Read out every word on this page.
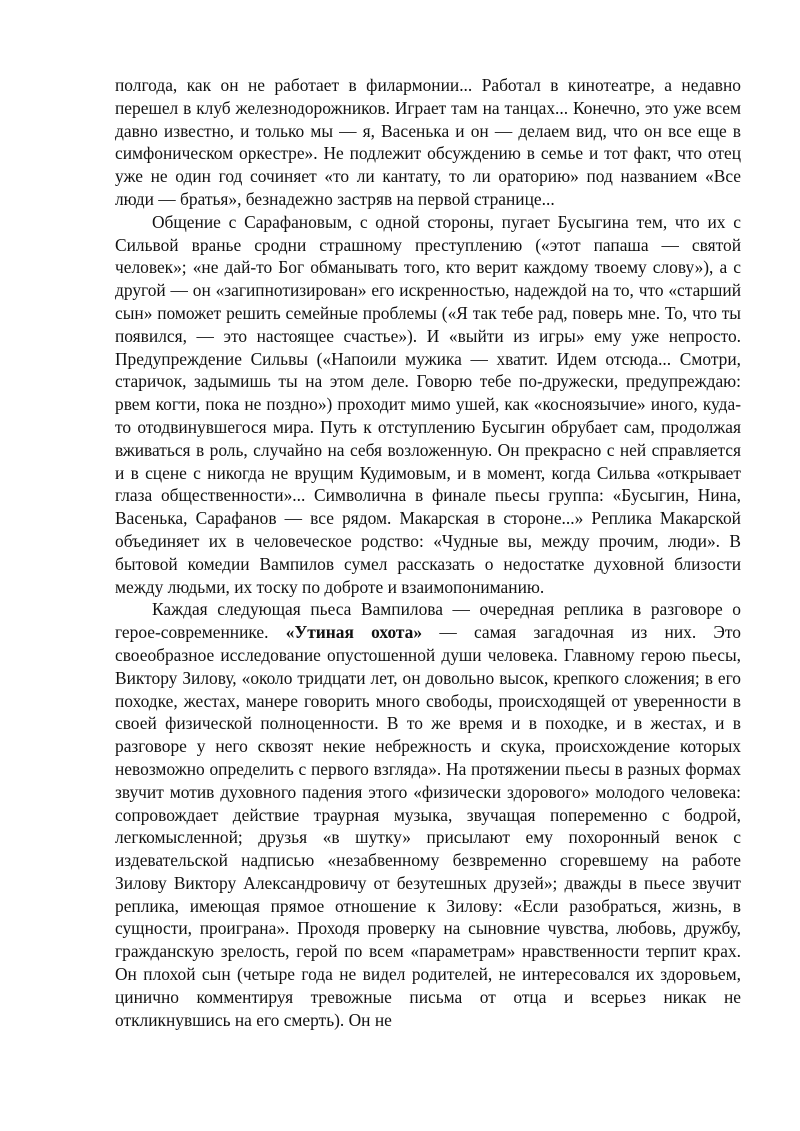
полгода, как он не работает в филармонии... Работал в кинотеатре, а недавно перешел в клуб железнодорожников. Играет там на танцах... Конечно, это уже всем давно известно, и только мы — я, Васенька и он — делаем вид, что он все еще в симфоническом оркестре». Не подлежит обсуждению в семье и тот факт, что отец уже не один год сочиняет «то ли кантату, то ли ораторию» под названием «Все люди — братья», безнадежно застряв на первой странице...

Общение с Сарафановым, с одной стороны, пугает Бусыгина тем, что их с Сильвой вранье сродни страшному преступлению («этот папаша — святой человек»; «не дай-то Бог обманывать того, кто верит каждому твоему слову»), а с другой — он «загипнотизирован» его искренностью, надеждой на то, что «старший сын» поможет решить семейные проблемы («Я так тебе рад, поверь мне. То, что ты появился, — это настоящее счастье»). И «выйти из игры» ему уже непросто. Предупреждение Сильвы («Напоили мужика — хватит. Идем отсюда... Смотри, старичок, задымишь ты на этом деле. Говорю тебе по-дружески, предупреждаю: рвем когти, пока не поздно») проходит мимо ушей, как «косноязычие» иного, куда-то отодвинувшегося мира. Путь к отступлению Бусыгин обрубает сам, продолжая вживаться в роль, случайно на себя возложенную. Он прекрасно с ней справляется и в сцене с никогда не врущим Кудимовым, и в момент, когда Сильва «открывает глаза общественности»... Символична в финале пьесы группа: «Бусыгин, Нина, Васенька, Сарафанов — все рядом. Макарская в стороне...» Реплика Макарской объединяет их в человеческое родство: «Чудные вы, между прочим, люди». В бытовой комедии Вампилов сумел рассказать о недостатке духовной близости между людьми, их тоску по доброте и взаимопониманию.

Каждая следующая пьеса Вампилова — очередная реплика в разговоре о герое-современнике. «Утиная охота» — самая загадочная из них. Это своеобразное исследование опустошенной души человека. Главному герою пьесы, Виктору Зилову, «около тридцати лет, он довольно высок, крепкого сложения; в его походке, жестах, манере говорить много свободы, происходящей от уверенности в своей физической полноценности. В то же время и в походке, и в жестах, и в разговоре у него сквозят некие небрежность и скука, происхождение которых невозможно определить с первого взгляда». На протяжении пьесы в разных формах звучит мотив духовного падения этого «физически здорового» молодого человека: сопровождает действие траурная музыка, звучащая попеременно с бодрой, легкомысленной; друзья «в шутку» присылают ему похоронный венок с издевательской надписью «незабвенному безвременно сгоревшему на работе Зилову Виктору Александровичу от безутешных друзей»; дважды в пьесе звучит реплика, имеющая прямое отношение к Зилову: «Если разобраться, жизнь, в сущности, проиграна». Проходя проверку на сыновние чувства, любовь, дружбу, гражданскую зрелость, герой по всем «параметрам» нравственности терпит крах. Он плохой сын (четыре года не видел родителей, не интересовался их здоровьем, цинично комментируя тревожные письма от отца и всерьез никак не откликнувшись на его смерть). Он не
